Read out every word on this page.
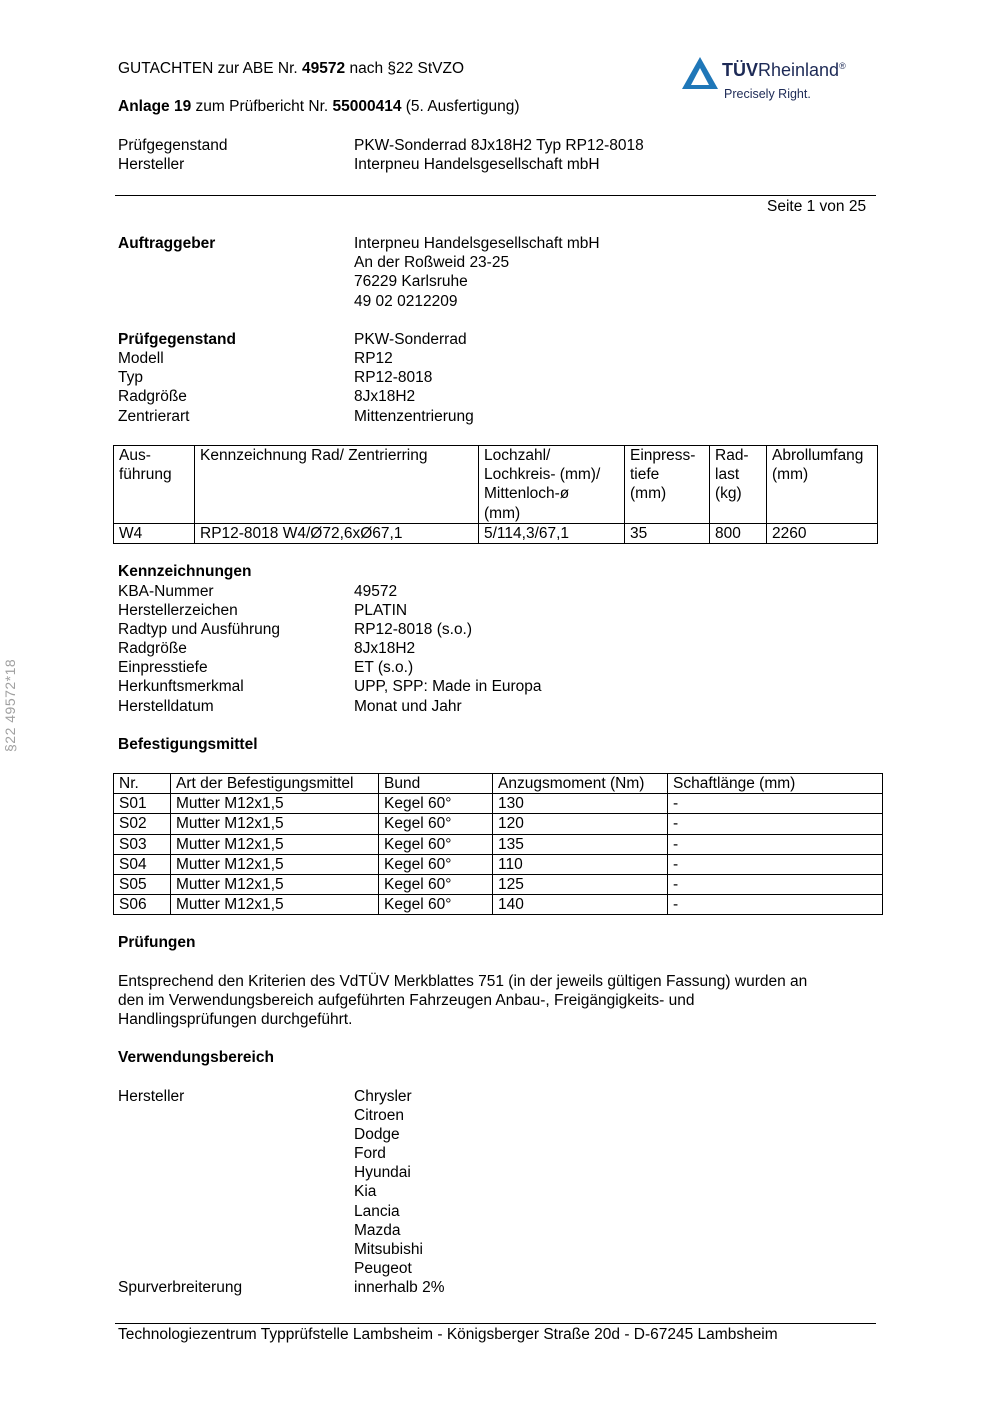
GUTACHTEN zur ABE Nr. 49572 nach §22 StVZO
Anlage 19 zum Prüfbericht Nr. 55000414 (5. Ausfertigung)
Prüfgegenstand	PKW-Sonderrad 8Jx18H2 Typ RP12-8018
Hersteller	Interpneu Handelsgesellschaft mbH
Seite 1 von 25
TÜVRheinland®
Precisely Right.
§22 49572*18
Auftraggeber	Interpneu Handelsgesellschaft mbH
An der Roßweid 23-25
76229 Karlsruhe
49 02 0212209
Prüfgegenstand	PKW-Sonderrad
Modell	RP12
Typ	RP12-8018
Radgröße	8Jx18H2
Zentrierart	Mittenzentrierung
Aus-
führung	Kennzeichnung Rad/ Zentrierring	Lochzahl/
Lochkreis- (mm)/
Mittenloch-ø
(mm)	Einpress-
tiefe
(mm)	Rad-
last
(kg)	Abrollumfang
(mm)
W4	RP12-8018 W4/Ø72,6xØ67,1	5/114,3/67,1	35	800	2260
Kennzeichnungen
KBA-Nummer	49572
Herstellerzeichen	PLATIN
Radtyp und Ausführung	RP12-8018 (s.o.)
Radgröße	8Jx18H2
Einpresstiefe	ET (s.o.)
Herkunftsmerkmal	UPP, SPP: Made in Europa
Herstelldatum	Monat und Jahr
Befestigungsmittel
Nr.	Art der Befestigungsmittel	Bund	Anzugsmoment (Nm)	Schaftlänge (mm)
S01	Mutter M12x1,5	Kegel 60°	130	-
S02	Mutter M12x1,5	Kegel 60°	120	-
S03	Mutter M12x1,5	Kegel 60°	135	-
S04	Mutter M12x1,5	Kegel 60°	110	-
S05	Mutter M12x1,5	Kegel 60°	125	-
S06	Mutter M12x1,5	Kegel 60°	140	-
Prüfungen
Entsprechend den Kriterien des VdTÜV Merkblattes 751 (in der jeweils gültigen Fassung) wurden an
den im Verwendungsbereich aufgeführten Fahrzeugen Anbau-, Freigängigkeits- und
Handlingsprüfungen durchgeführt.
Verwendungsbereich
Hersteller	Chrysler
Citroen
Dodge
Ford
Hyundai
Kia
Lancia
Mazda
Mitsubishi
Peugeot
Spurverbreiterung	innerhalb 2%
Technologiezentrum Typprüfstelle Lambsheim - Königsberger Straße 20d - D-67245 Lambsheim
